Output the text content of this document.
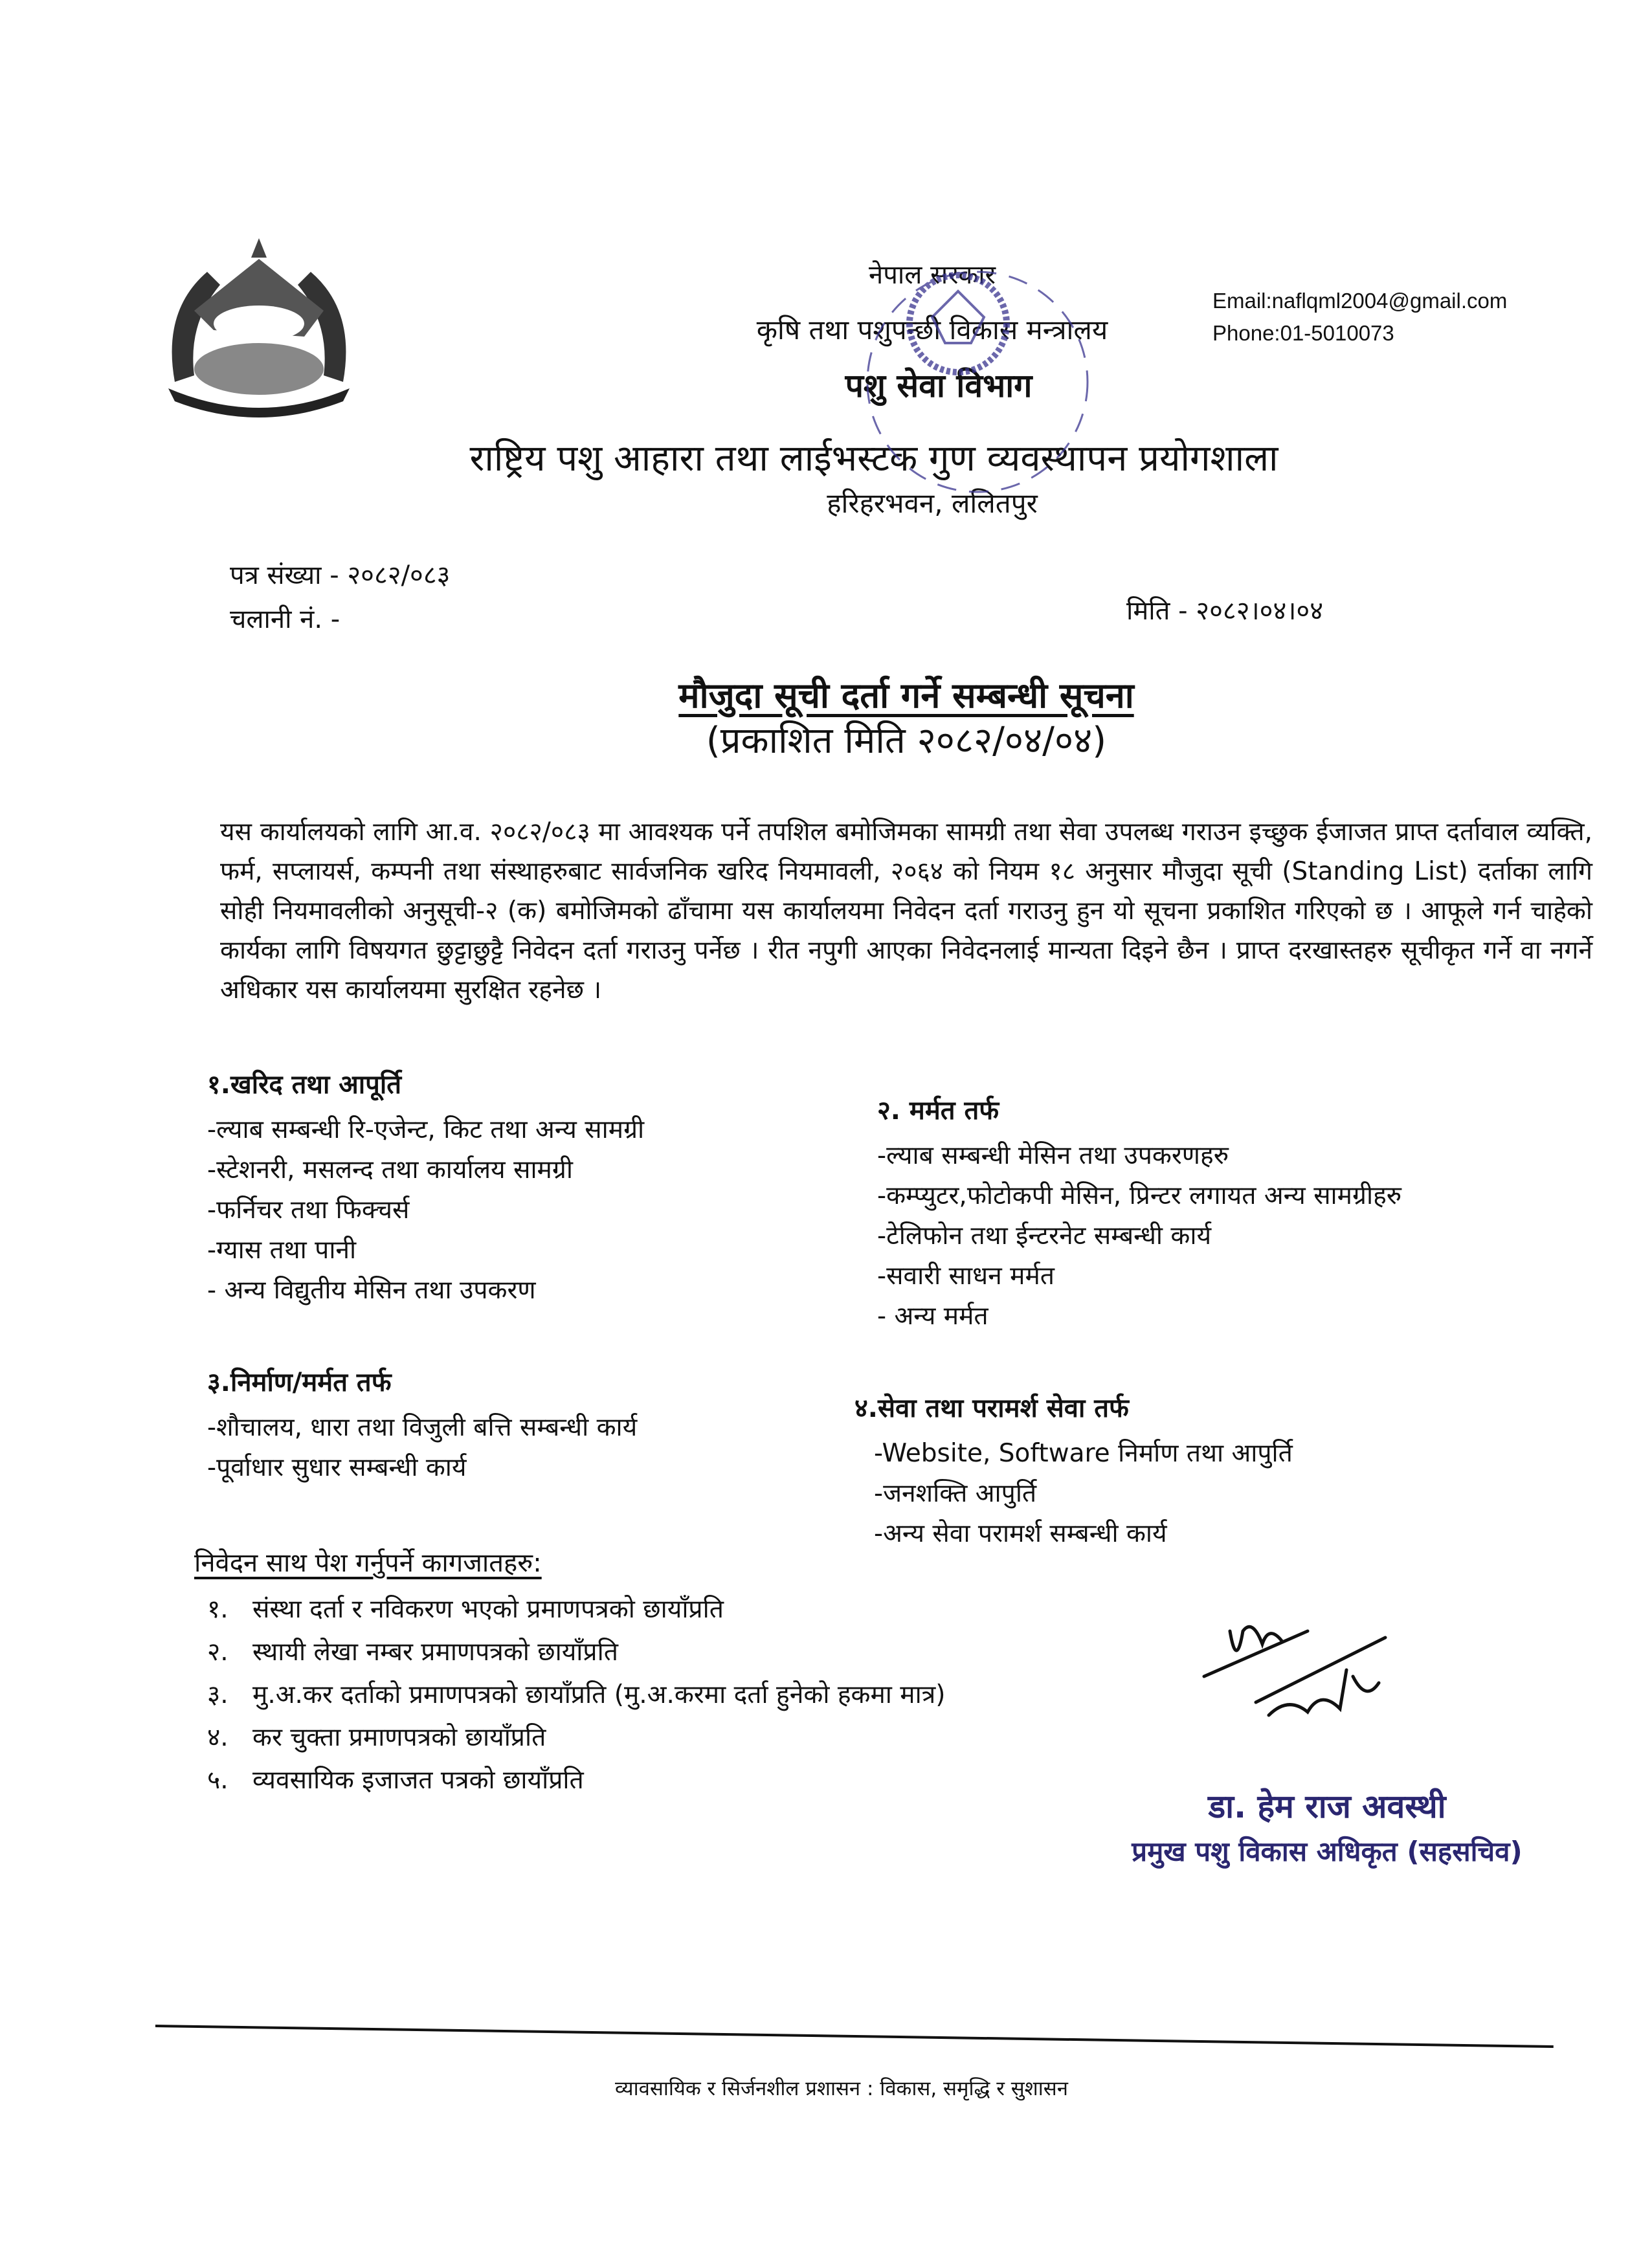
नेपाल सरकार
कृषि तथा पशुपन्छी विकास मन्त्रालय
पशु सेवा विभाग
राष्ट्रिय पशु आहारा तथा लाईभस्टक गुण व्यवस्थापन प्रयोगशाला
हरिहरभवन, ललितपुर
Email:naflqml2004@gmail.com
Phone:01-5010073
पत्र संख्या - २०८२/०८३
चलानी नं. -	मिति - २०८२।०४।०४
मौजुदा सूची दर्ता गर्ने सम्बन्धी सूचना
(प्रकाशित मिति २०८२/०४/०४)
यस कार्यालयको लागि आ.व. २०८२/०८३ मा आवश्यक पर्ने तपशिल बमोजिमका सामग्री तथा सेवा उपलब्ध गराउन इच्छुक ईजाजत प्राप्त दर्तावाल व्यक्ति, फर्म, सप्लायर्स, कम्पनी तथा संस्थाहरुबाट सार्वजनिक खरिद नियमावली, २०६४ को नियम १८ अनुसार मौजुदा सूची (Standing List) दर्ताका लागि सोही नियमावलीको अनुसूची-२ (क) बमोजिमको ढाँचामा यस कार्यालयमा निवेदन दर्ता गराउनु हुन यो सूचना प्रकाशित गरिएको छ । आफूले गर्न चाहेको कार्यका लागि विषयगत छुट्टाछुट्टै निवेदन दर्ता गराउनु पर्नेछ । रीत नपुगी आएका निवेदनलाई मान्यता दिइने छैन । प्राप्त दरखास्तहरु सूचीकृत गर्ने वा नगर्ने अधिकार यस कार्यालयमा सुरक्षित रहनेछ ।
१.खरिद तथा आपूर्ति
-ल्याब सम्बन्धी रि-एजेन्ट, किट तथा अन्य सामग्री
-स्टेशनरी, मसलन्द तथा कार्यालय सामग्री
-फर्निचर तथा फिक्चर्स
-ग्यास तथा पानी
- अन्य विद्युतीय मेसिन तथा उपकरण
२. मर्मत तर्फ
-ल्याब सम्बन्धी मेसिन तथा उपकरणहरु
-कम्प्युटर,फोटोकपी मेसिन, प्रिन्टर लगायत अन्य सामग्रीहरु
-टेलिफोन तथा ईन्टरनेट सम्बन्धी कार्य
-सवारी साधन मर्मत
- अन्य मर्मत
३.निर्माण/मर्मत तर्फ
-शौचालय, धारा तथा विजुली बत्ति सम्बन्धी कार्य
-पूर्वाधार सुधार सम्बन्धी कार्य
४.सेवा तथा परामर्श सेवा तर्फ
-Website, Software निर्माण तथा आपुर्ति
-जनशक्ति आपुर्ति
-अन्य सेवा परामर्श सम्बन्धी कार्य
निवेदन साथ पेश गर्नुपर्ने कागजातहरु:
१. संस्था दर्ता र नविकरण भएको प्रमाणपत्रको छायाँप्रति
२. स्थायी लेखा नम्बर प्रमाणपत्रको छायाँप्रति
३. मु.अ.कर दर्ताको प्रमाणपत्रको छायाँप्रति (मु.अ.करमा दर्ता हुनेको हकमा मात्र)
४. कर चुक्ता प्रमाणपत्रको छायाँप्रति
५. व्यवसायिक इजाजत पत्रको छायाँप्रति
डा. हेम राज अवस्थी
प्रमुख पशु विकास अधिकृत (सहसचिव)
व्यावसायिक र सिर्जनशील प्रशासन : विकास, समृद्धि र सुशासन
